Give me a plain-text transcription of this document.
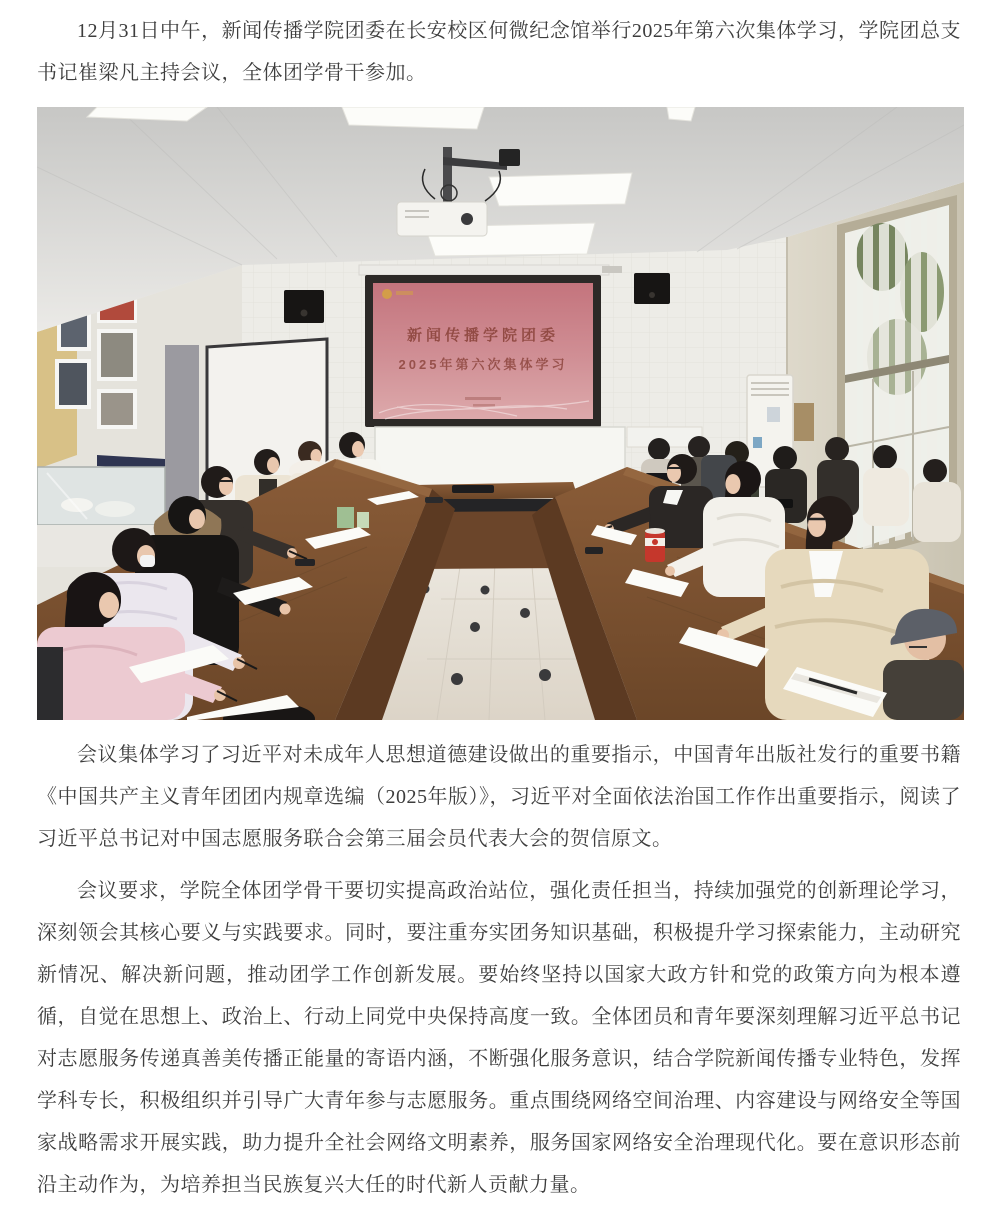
12月31日中午，新闻传播学院团委在长安校区何微纪念馆举行2025年第六次集体学习，学院团总支书记崔梁凡主持会议，全体团学骨干参加。

新闻传播学院团委
2025年第六次集体学习

会议集体学习了习近平对未成年人思想道德建设做出的重要指示，中国青年出版社发行的重要书籍《中国共产主义青年团团内规章选编（2025年版）》，习近平对全面依法治国工作作出重要指示，阅读了习近平总书记对中国志愿服务联合会第三届会员代表大会的贺信原文。

会议要求，学院全体团学骨干要切实提高政治站位，强化责任担当，持续加强党的创新理论学习，深刻领会其核心要义与实践要求。同时，要注重夯实团务知识基础，积极提升学习探索能力，主动研究新情况、解决新问题，推动团学工作创新发展。要始终坚持以国家大政方针和党的政策方向为根本遵循，自觉在思想上、政治上、行动上同党中央保持高度一致。全体团员和青年要深刻理解习近平总书记对志愿服务传递真善美传播正能量的寄语内涵，不断强化服务意识，结合学院新闻传播专业特色，发挥学科专长，积极组织并引导广大青年参与志愿服务。重点围绕网络空间治理、内容建设与网络安全等国家战略需求开展实践，助力提升全社会网络文明素养，服务国家网络安全治理现代化。要在意识形态前沿主动作为，为培养担当民族复兴大任的时代新人贡献力量。
